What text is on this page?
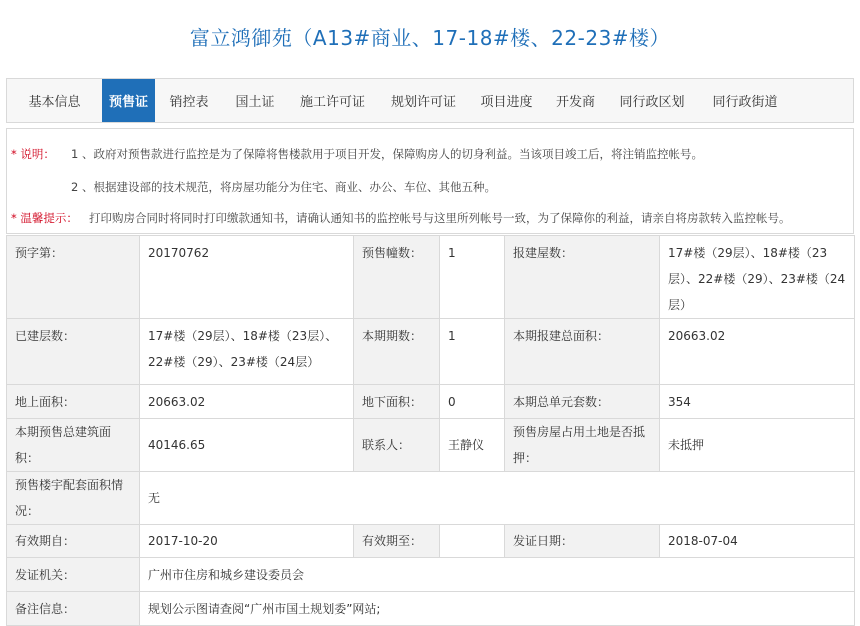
富立鸿御苑（A13#商业、17-18#楼、22-23#楼）
基本信息	预售证	销控表	国土证	施工许可证	规划许可证	项目进度	开发商	同行政区划	同行政街道
* 说明： 1 、政府对预售款进行监控是为了保障将售楼款用于项目开发，保障购房人的切身利益。当该项目竣工后，将注销监控帐号。
2 、根据建设部的技术规范，将房屋功能分为住宅、商业、办公、车位、其他五种。
* 温馨提示： 打印购房合同时将同时打印缴款通知书，请确认通知书的监控帐号与这里所列帐号一致，为了保障你的利益，请亲自将房款转入监控帐号。
预字第：	20170762	预售幢数：	1	报建屋数：	17#楼（29层）、18#楼（23层）、22#楼（29）、23#楼（24层）
已建层数：	17#楼（29层）、18#楼（23层）、22#楼（29）、23#楼（24层）	本期期数：	1	本期报建总面积：	20663.02
地上面积：	20663.02	地下面积：	0	本期总单元套数：	354
本期预售总建筑面积：	40146.65	联系人：	王静仪	预售房屋占用土地是否抵押：	未抵押
预售楼宇配套面积情况：	无				
有效期自：	2017-10-20	有效期至：		发证日期：	2018-07-04
发证机关：	广州市住房和城乡建设委员会				
备注信息：	规划公示图请查阅“广州市国土规划委”网站;				
